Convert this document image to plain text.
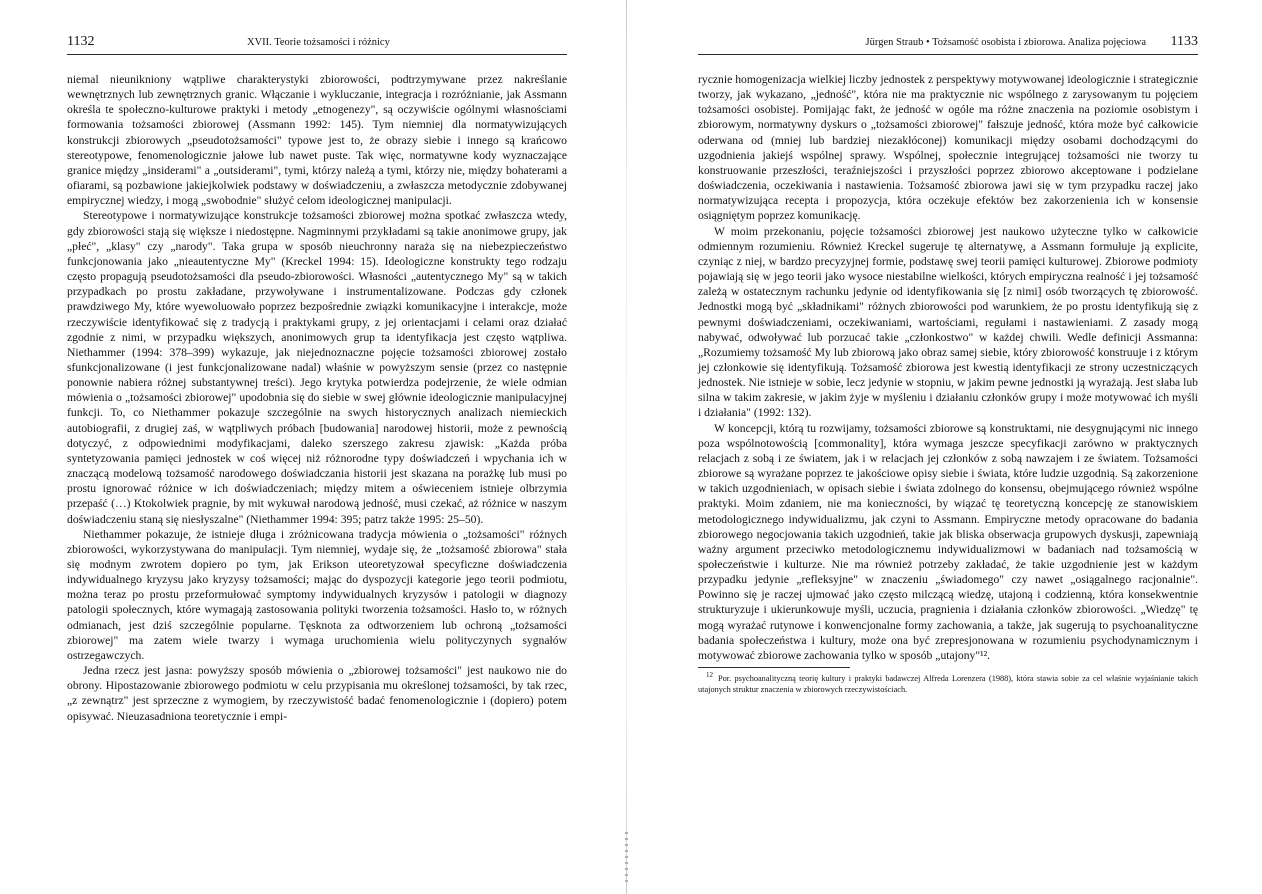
1132	XVII. Teorie tożsamości i różnicy

niemal nieunikniony wątpliwe charakterystyki zbiorowości, podtrzymywane przez nakreślanie wewnętrznych lub zewnętrznych granic. Włączanie i wykluczanie, integracja i rozróżnianie, jak Assmann określa te społeczno-kulturowe praktyki i metody „etnogenezy", są oczywiście ogólnymi własnościami formowania tożsamości zbiorowej (Assmann 1992: 145). Tym niemniej dla normatywizujących konstrukcji zbiorowych „pseudotożsamości" typowe jest to, że obrazy siebie i innego są krańcowo stereotypowe, fenomenologicznie jałowe lub nawet puste. Tak więc, normatywne kody wyznaczające granice między „insiderami" a „outsiderami", tymi, którzy należą a tymi, którzy nie, między bohaterami a ofiarami, są pozbawione jakiejkolwiek podstawy w doświadczeniu, a zwłaszcza metodycznie zdobywanej empirycznej wiedzy, i mogą „swobodnie" służyć celom ideologicznej manipulacji.

Stereotypowe i normatywizujące konstrukcje tożsamości zbiorowej można spotkać zwłaszcza wtedy, gdy zbiorowości stają się większe i niedostępne. Nagminnymi przykładami są takie anonimowe grupy, jak „płeć", „klasy" czy „narody". Taka grupa w sposób nieuchronny naraża się na niebezpieczeństwo funkcjonowania jako „nieautentyczne My" (Kreckel 1994: 15). Ideologiczne konstrukty tego rodzaju często propagują pseudotożsamości dla pseudo-zbiorowości. Własności „autentycznego My" są w takich przypadkach po prostu zakładane, przywoływane i instrumentalizowane. Podczas gdy członek prawdziwego My, które wyewoluowało poprzez bezpośrednie związki komunikacyjne i interakcje, może rzeczywiście identyfikować się z tradycją i praktykami grupy, z jej orientacjami i celami oraz działać zgodnie z nimi, w przypadku większych, anonimowych grup ta identyfikacja jest często wątpliwa. Niethammer (1994: 378–399) wykazuje, jak niejednoznaczne pojęcie tożsamości zbiorowej zostało sfunkcjonalizowane (i jest funkcjonalizowane nadal) właśnie w powyższym sensie (przez co następnie ponownie nabiera różnej substantywnej treści). Jego krytyka potwierdza podejrzenie, że wiele odmian mówienia o „tożsamości zbiorowej" upodobnia się do siebie w swej głównie ideologicznie manipulacyjnej funkcji. To, co Niethammer pokazuje szczególnie na swych historycznych analizach niemieckich autobiografii, z drugiej zaś, w wątpliwych próbach [budowania] narodowej historii, może z pewnością dotyczyć, z odpowiednimi modyfikacjami, daleko szerszego zakresu zjawisk: „Każda próba syntetyzowania pamięci jednostek w coś więcej niż różnorodne typy doświadczeń i wpychania ich w znaczącą modelową tożsamość narodowego doświadczania historii jest skazana na porażkę lub musi po prostu ignorować różnice w ich doświadczeniach; między mitem a oświeceniem istnieje olbrzymia przepaść (…) Ktokolwiek pragnie, by mit wykuwał narodową jedność, musi czekać, aż różnice w naszym doświadczeniu staną się niesłyszalne" (Niethammer 1994: 395; patrz także 1995: 25–50).

Niethammer pokazuje, że istnieje długa i zróżnicowana tradycja mówienia o „tożsamości" różnych zbiorowości, wykorzystywana do manipulacji. Tym niemniej, wydaje się, że „tożsamość zbiorowa" stała się modnym zwrotem dopiero po tym, jak Erikson uteoretyzował specyficzne doświadczenia indywidualnego kryzysu jako kryzysy tożsamości; mając do dyspozycji kategorie jego teorii podmiotu, można teraz po prostu przeformułować symptomy indywidualnych kryzysów i patologii w diagnozy patologii społecznych, które wymagają zastosowania polityki tworzenia tożsamości. Hasło to, w różnych odmianach, jest dziś szczególnie popularne. Tęsknota za odtworzeniem lub ochroną „tożsamości zbiorowej" ma zatem wiele twarzy i wymaga uruchomienia wielu polityczynych sygnałów ostrzegawczych.

Jedna rzecz jest jasna: powyższy sposób mówienia o „zbiorowej tożsamości" jest naukowo nie do obrony. Hipostazowanie zbiorowego podmiotu w celu przypisania mu określonej tożsamości, by tak rzec, „z zewnątrz" jest sprzeczne z wymogiem, by rzeczywistość badać fenomenologicznie i (dopiero) potem opisywać. Nieuzasadniona teoretycznie i empi-

Jürgen Straub • Tożsamość osobista i zbiorowa. Analiza pojęciowa 1133

rycznie homogenizacja wielkiej liczby jednostek z perspektywy motywowanej ideologicznie i strategicznie tworzy, jak wykazano, „jedność", która nie ma praktycznie nic wspólnego z zarysowanym tu pojęciem tożsamości osobistej. Pomijając fakt, że jedność w ogóle ma różne znaczenia na poziomie osobistym i zbiorowym, normatywny dyskurs o „tożsamości zbiorowej" fałszuje jedność, która może być całkowicie oderwana od (mniej lub bardziej niezakłóconej) komunikacji między osobami dochodzącymi do uzgodnienia jakiejś wspólnej sprawy. Wspólnej, społecznie integrującej tożsamości nie tworzy tu konstruowanie przeszłości, teraźniejszości i przyszłości poprzez zbiorowo akceptowane i podzielane doświadczenia, oczekiwania i nastawienia. Tożsamość zbiorowa jawi się w tym przypadku raczej jako normatywizująca recepta i propozycja, która oczekuje efektów bez zakorzenienia ich w konsensie osiągniętym poprzez komunikację.

W moim przekonaniu, pojęcie tożsamości zbiorowej jest naukowo użyteczne tylko w całkowicie odmiennym rozumieniu. Również Kreckel sugeruje tę alternatywę, a Assmann formułuje ją explicite, czyniąc z niej, w bardzo precyzyjnej formie, podstawę swej teorii pamięci kulturowej. Zbiorowe podmioty pojawiają się w jego teorii jako wysoce niestabilne wielkości, których empiryczna realność i jej tożsamość zależą w ostatecznym rachunku jedynie od identyfikowania się [z nimi] osób tworzących tę zbiorowość. Jednostki mogą być „składnikami" różnych zbiorowości pod warunkiem, że po prostu identyfikują się z pewnymi doświadczeniami, oczekiwaniami, wartościami, regułami i nastawieniami. Z zasady mogą nabywać, odwoływać lub porzucać takie „członkostwo" w każdej chwili. Wedle definicji Assmanna: „Rozumiemy tożsamość My lub zbiorową jako obraz samej siebie, który zbiorowość konstruuje i z którym jej członkowie się identyfikują. Tożsamość zbiorowa jest kwestią identyfikacji ze strony uczestniczących jednostek. Nie istnieje w sobie, lecz jedynie w stopniu, w jakim pewne jednostki ją wyrażają. Jest słaba lub silna w takim zakresie, w jakim żyje w myśleniu i działaniu członków grupy i może motywować ich myśli i działania" (1992: 132).

W koncepcji, którą tu rozwijamy, tożsamości zbiorowe są konstruktami, nie desygnującymi nic innego poza wspólnotowością [commonality], która wymaga jeszcze specyfikacji zarówno w praktycznych relacjach z sobą i ze światem, jak i w relacjach jej członków z sobą nawzajem i ze światem. Tożsamości zbiorowe są wyrażane poprzez te jakościowe opisy siebie i świata, które ludzie uzgodnią. Są zakorzenione w takich uzgodnieniach, w opisach siebie i świata zdolnego do konsensu, obejmującego również wspólne praktyki. Moim zdaniem, nie ma konieczności, by wiązać tę teoretyczną koncepcję ze stanowiskiem metodologicznego indywidualizmu, jak czyni to Assmann. Empiryczne metody opracowane do badania zbiorowego negocjowania takich uzgodnień, takie jak bliska obserwacja grupowych dyskusji, zapewniają ważny argument przeciwko metodologicznemu indywidualizmowi w badaniach nad tożsamością w społeczeństwie i kulturze. Nie ma również potrzeby zakładać, że takie uzgodnienie jest w każdym przypadku jedynie „refleksyjne" w znaczeniu „świadomego" czy nawet „osiągalnego racjonalnie". Powinno się je raczej ujmować jako często milczącą wiedzę, utajoną i codzienną, która konsekwentnie strukturyzuje i ukierunkowuje myśli, uczucia, pragnienia i działania członków zbiorowości. „Wiedzę" tę mogą wyrażać rutynowe i konwencjonalne formy zachowania, a także, jak sugerują to psychoanalityczne badania społeczeństwa i kultury, może ona być zrepresjonowana w rozumieniu psychodynamicznym i motywować zbiorowe zachowania tylko w sposób „utajony"¹².

$^{12}$ Por. psychoanalityczną teorię kultury i praktyki badawczej Alfreda Lorenzera (1988), która stawia sobie za cel właśnie wyjaśnianie takich utajonych struktur znaczenia w zbiorowych rzeczywistościach.
